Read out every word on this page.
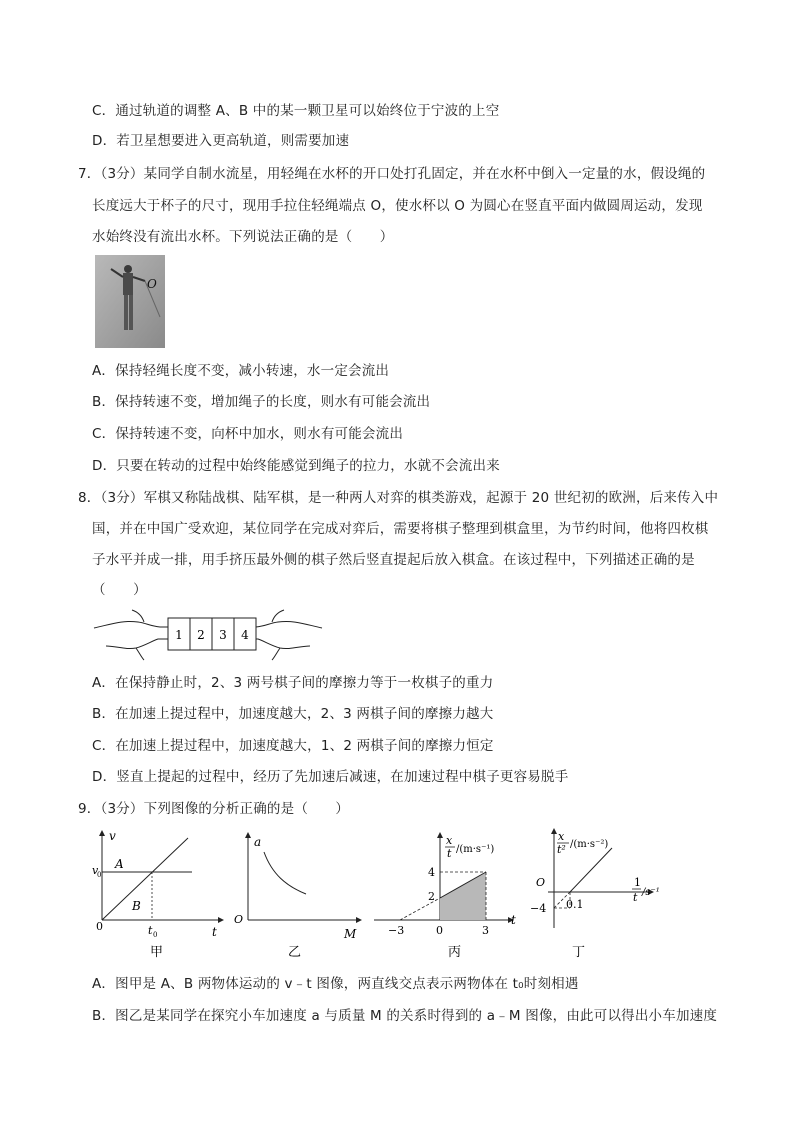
C．通过轨道的调整 A、B 中的某一颗卫星可以始终位于宁波的上空
D．若卫星想要进入更高轨道，则需要加速
7．（3分）某同学自制水流星，用轻绳在水杯的开口处打孔固定，并在水杯中倒入一定量的水，假设绳的
长度远大于杯子的尺寸，现用手拉住轻绳端点 O，使水杯以 O 为圆心在竖直平面内做圆周运动，发现
水始终没有流出水杯。下列说法正确的是（　　）
O
A．保持轻绳长度不变，减小转速，水一定会流出
B．保持转速不变，增加绳子的长度，则水有可能会流出
C．保持转速不变，向杯中加水，则水有可能会流出
D．只要在转动的过程中始终能感觉到绳子的拉力，水就不会流出来
8．（3分）军棋又称陆战棋、陆军棋，是一种两人对弈的棋类游戏，起源于 20 世纪初的欧洲，后来传入中
国，并在中国广受欢迎，某位同学在完成对弈后，需要将棋子整理到棋盒里，为节约时间，他将四枚棋
子水平并成一排，用手挤压最外侧的棋子然后竖直提起后放入棋盒。在该过程中，下列描述正确的是
（　　）
1 2 3 4
A．在保持静止时，2、3 两号棋子间的摩擦力等于一枚棋子的重力
B．在加速上提过程中，加速度越大，2、3 两棋子间的摩擦力越大
C．在加速上提过程中，加速度越大，1、2 两棋子间的摩擦力恒定
D．竖直上提起的过程中，经历了先加速后减速，在加速过程中棋子更容易脱手
9．（3分）下列图像的分析正确的是（　　）
v
t
0
v
0
A
B
t 0
甲
a
M
O
乙
x
t /(m·s⁻¹)
t
4
2
−3	0	3
丙
x
t² /(m·s⁻²)
1
t /s⁻¹
O
−4 0.1
丁
A．图甲是 A、B 两物体运动的 v﹣t 图像，两直线交点表示两物体在 t₀时刻相遇
B．图乙是某同学在探究小车加速度 a 与质量 M 的关系时得到的 a﹣M 图像，由此可以得出小车加速度
